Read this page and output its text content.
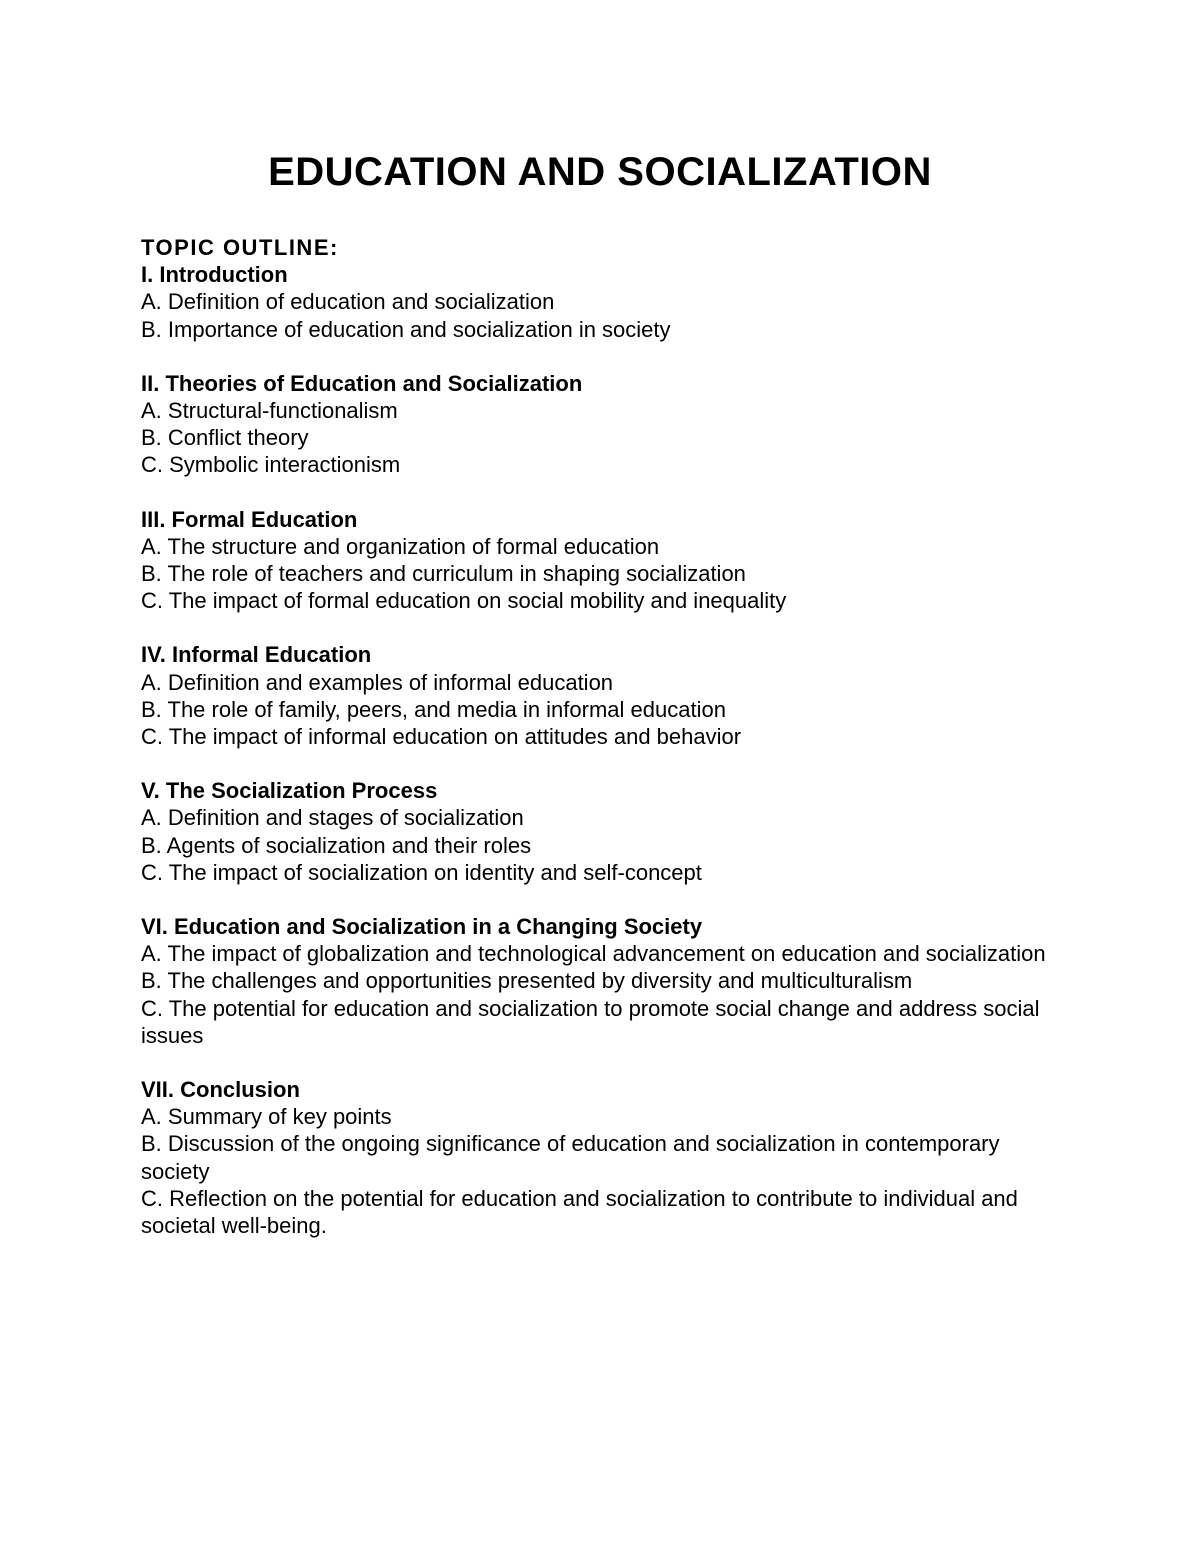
EDUCATION AND SOCIALIZATION
TOPIC OUTLINE:
I. Introduction
A. Definition of education and socialization
B. Importance of education and socialization in society
II. Theories of Education and Socialization
A. Structural-functionalism
B. Conflict theory
C. Symbolic interactionism
III. Formal Education
A. The structure and organization of formal education
B. The role of teachers and curriculum in shaping socialization
C. The impact of formal education on social mobility and inequality
IV. Informal Education
A. Definition and examples of informal education
B. The role of family, peers, and media in informal education
C. The impact of informal education on attitudes and behavior
V. The Socialization Process
A. Definition and stages of socialization
B. Agents of socialization and their roles
C. The impact of socialization on identity and self-concept
VI. Education and Socialization in a Changing Society
A. The impact of globalization and technological advancement on education and socialization
B. The challenges and opportunities presented by diversity and multiculturalism
C. The potential for education and socialization to promote social change and address social issues
VII. Conclusion
A. Summary of key points
B. Discussion of the ongoing significance of education and socialization in contemporary society
C. Reflection on the potential for education and socialization to contribute to individual and societal well-being.
